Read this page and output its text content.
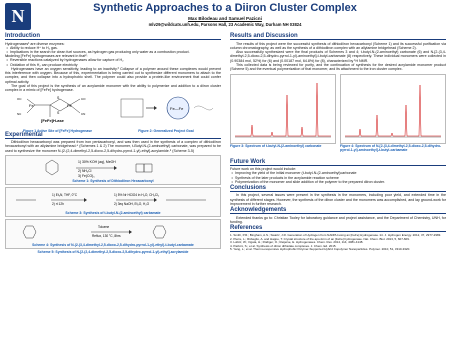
N	Synthetic Approaches to a Diiron Cluster Complex
Max Bilodeau and Samuel Pazicni
mlv29@wildcats.unh.edu, Parsons Hall, 23 Academic Way, Durham NH 03824
Introduction
Hydrogenases¹ are diverse enzymes:
• Ability to reduce H⁺ to H₂ gas.
• Implications in the search for clean fuel sources, as hydrogen gas producing only water as a combustion product.
• Modeling [FeFe] hydrogenases are relevant in that²:
• Reversible reactions catalyzed by hydrogenases allow for capture of H₂
• Oxidation of this H₂ can produce electricity
Hydrogenases have an oxygen sensitivity, leading to an inactivity.³ Collapse of a polymer around these complexes would prevent this interference with oxygen. Because of this, experimentation is being carried out to synthesize different monomers to attach to the complex, and then collapse into a hydrophobic shell. The polymer could also provide a protein-like environment that could confer optimal activity.
The goal of this project is the synthesis of an acrylamide monomer with the ability to polymerize and addition to a diiron cluster complex in a mimic of [FeFe] hydrogenase.
Fe	Fe
S
S
OC
NC
CO
CN
[FeFe]H-ase
Figure 1 Active Site of [FeFe] Hydrogenase
Fe—Fe
Figure 2: Generalized Project Goal
Experimental
Dithiodiiron hexacarbonyl was prepared from iron pentacarbonyl, and was then used in the synthesis of a complex of dithiodiiron hexacarbonyl with an allylamine bridgehead.⁴ (Schemes 1 & 2) The monomer, t-Butyl-N-(2-aminoethyl) carbonate, was prepared to be used to synthesize the monomer N-(2-(2,4-dimethyl-2,5-dioxo-2,5-dihydro-pyrrol-1-yl)-ethyl]-acrylamide.⁵ (Scheme 3-5)
1) 30% KOH (aq), MeOH
2) NH₄Cl
3) Fe(CO)₅
Scheme 1: Synthesis of Dithiodiiron Hexacarbonyl
1) Et₃N, THF, 0°C
2) rt 12h
1) 5% Nr HClO4 in H₂O, CH₂Cl₂
2) 3eq NaOH, Et₂O, H₂O
Scheme 3: Synthesis of t-butyl-N-(2-aminoethyl) carbamate
Toluene
Reflux, 130 °C, 8hrs
Scheme 4: Synthesis of N-(2-(3,4-dimethyl-2,5-dioxo-2,5-dihydro-pyrrol-1-yl)-ethyl)-t-butyl-carbamate
Scheme 5: Synthesis of N-[2-(2,4-dimethyl-2,5-dioxo-2,5-dihydro-pyrrol-1-yl)-ethyl]-acrylamide
Results and Discussion
The results of this project were the successful synthesis of dithiodiiron hexacarbonyl (Scheme 1) and its successful purification via column chromatography, as well as the synthesis of a dithiodiiron complex with an allylamine bridgehead (Scheme 2).
Also successfully synthesized were the final products of Schemes 3 and 4; t-butyl-N-(2-aminoethyl) carbonate (6) and N-[2-(3,4-dimethyl-2,5-dioxo-2,5-dihydro-pyrrol-1-yl)-aminoethyl]-t-butyl-carbamate (8) respectively. These individual monomers were collected in (0.90384 mol, 52%) for (6) and (0.00187 mol, 64.8%) for (8), characterized by ¹H NMR.
This collected data is being reviewed for purity, and the continuation of synthesis for the desired acrylamide monomer product (Scheme 5) and the eventual polymerization of that monomer, and its attachment to the iron cluster complex.
Figure 3: Spectrum of t-butyl-N-(2-aminoethyl) carbonate	Figure 4: Spectrum of N-[2-(3,4-dimethyl-2,5-dioxo-2,5-dihydro-pyrrol-1-yl)-aminoethyl]-t-butyl-carbamate
Future Work
Future work on this project would include:
• Improving the yield of the initial monomer (t-butyl-N-(2-aminoethyl)carbonate
• Synthesis of the later products in the acrylamide reaction scheme
• Polymerization of the monomer and slide addition of the polymer to the prepared diiron cluster.
Conclusions
In this project, several issues were present in the synthesis in the monomers, including poor yield, and extended time in the synthesis of different stages. However, the synthesis of the diiron cluster and the monomers was accomplished, and lay ground-work for improvement in further research.
Acknowledgements
Extended thanks go to: Christian Tooley for laboratory guidance and project assistance, and the Department of Chemistry, UNH, for funding.
References
1. Smith, P.R.; Bingham, A.S.; Swartz, J.R. Generation of Hydrogen from NADPH using an [FeFe] Hydrogenase. Int. J. Hydrogen Energy. 2012, 37, 2977-2983.
2. Pierre, L.; Rübeglio, A. and Happe, T. Crystal structure of the apo-form of an [FeFe] hydrogenase. Nat. Chem. Biol. 2013, 5, 607-609.
3. Lubitz, W.; Ogata, H.; Rüdiger, O.; Reijerse, E. Hydrogenases. Chem. Rev. 2014, 114, 4081-4148.
4. Pazicni, S.; et al. Synthesis of diiron dithiolate complexes. J. Chem. Ed. 2015.
5. Yang, L.; et al. Thermo-responsive Hydrophobic Polymer-Supported Hybrid Copolymer Nanoparticles. Polymer. 2010, 51, 3310-3320.
